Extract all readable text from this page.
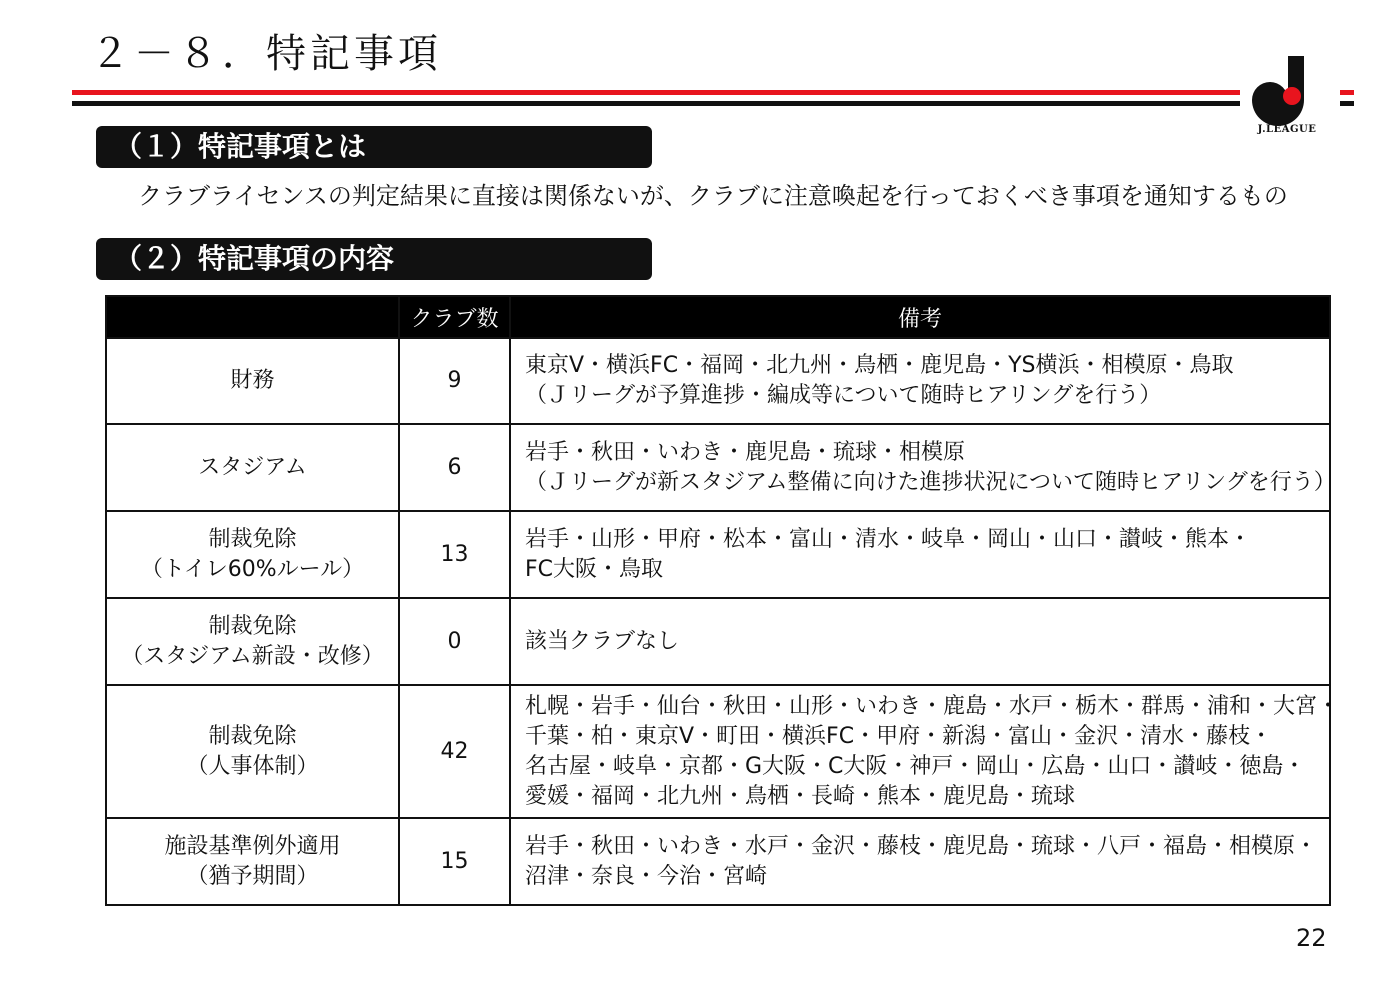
２－８．特記事項
J.LEAGUE
（１）特記事項とは
クラブライセンスの判定結果に直接は関係ないが、クラブに注意喚起を行っておくべき事項を通知するもの
（２）特記事項の内容
	クラブ数	備考

財務	9	東京V・横浜FC・福岡・北九州・鳥栖・鹿児島・YS横浜・相模原・鳥取
（Ｊリーグが予算進捗・編成等について随時ヒアリングを行う）

スタジアム	6	岩手・秋田・いわき・鹿児島・琉球・相模原
（Ｊリーグが新スタジアム整備に向けた進捗状況について随時ヒアリングを行う）

制裁免除
（トイレ60%ルール）	13	岩手・山形・甲府・松本・富山・清水・岐阜・岡山・山口・讃岐・熊本・
FC大阪・鳥取

制裁免除
（スタジアム新設・改修）	0	該当クラブなし

制裁免除
（人事体制）	42	札幌・岩手・仙台・秋田・山形・いわき・鹿島・水戸・栃木・群馬・浦和・大宮・
千葉・柏・東京V・町田・横浜FC・甲府・新潟・富山・金沢・清水・藤枝・
名古屋・岐阜・京都・G大阪・C大阪・神戸・岡山・広島・山口・讃岐・徳島・
愛媛・福岡・北九州・鳥栖・長崎・熊本・鹿児島・琉球

施設基準例外適用
（猶予期間）	15	岩手・秋田・いわき・水戸・金沢・藤枝・鹿児島・琉球・八戸・福島・相模原・
沼津・奈良・今治・宮崎
22
